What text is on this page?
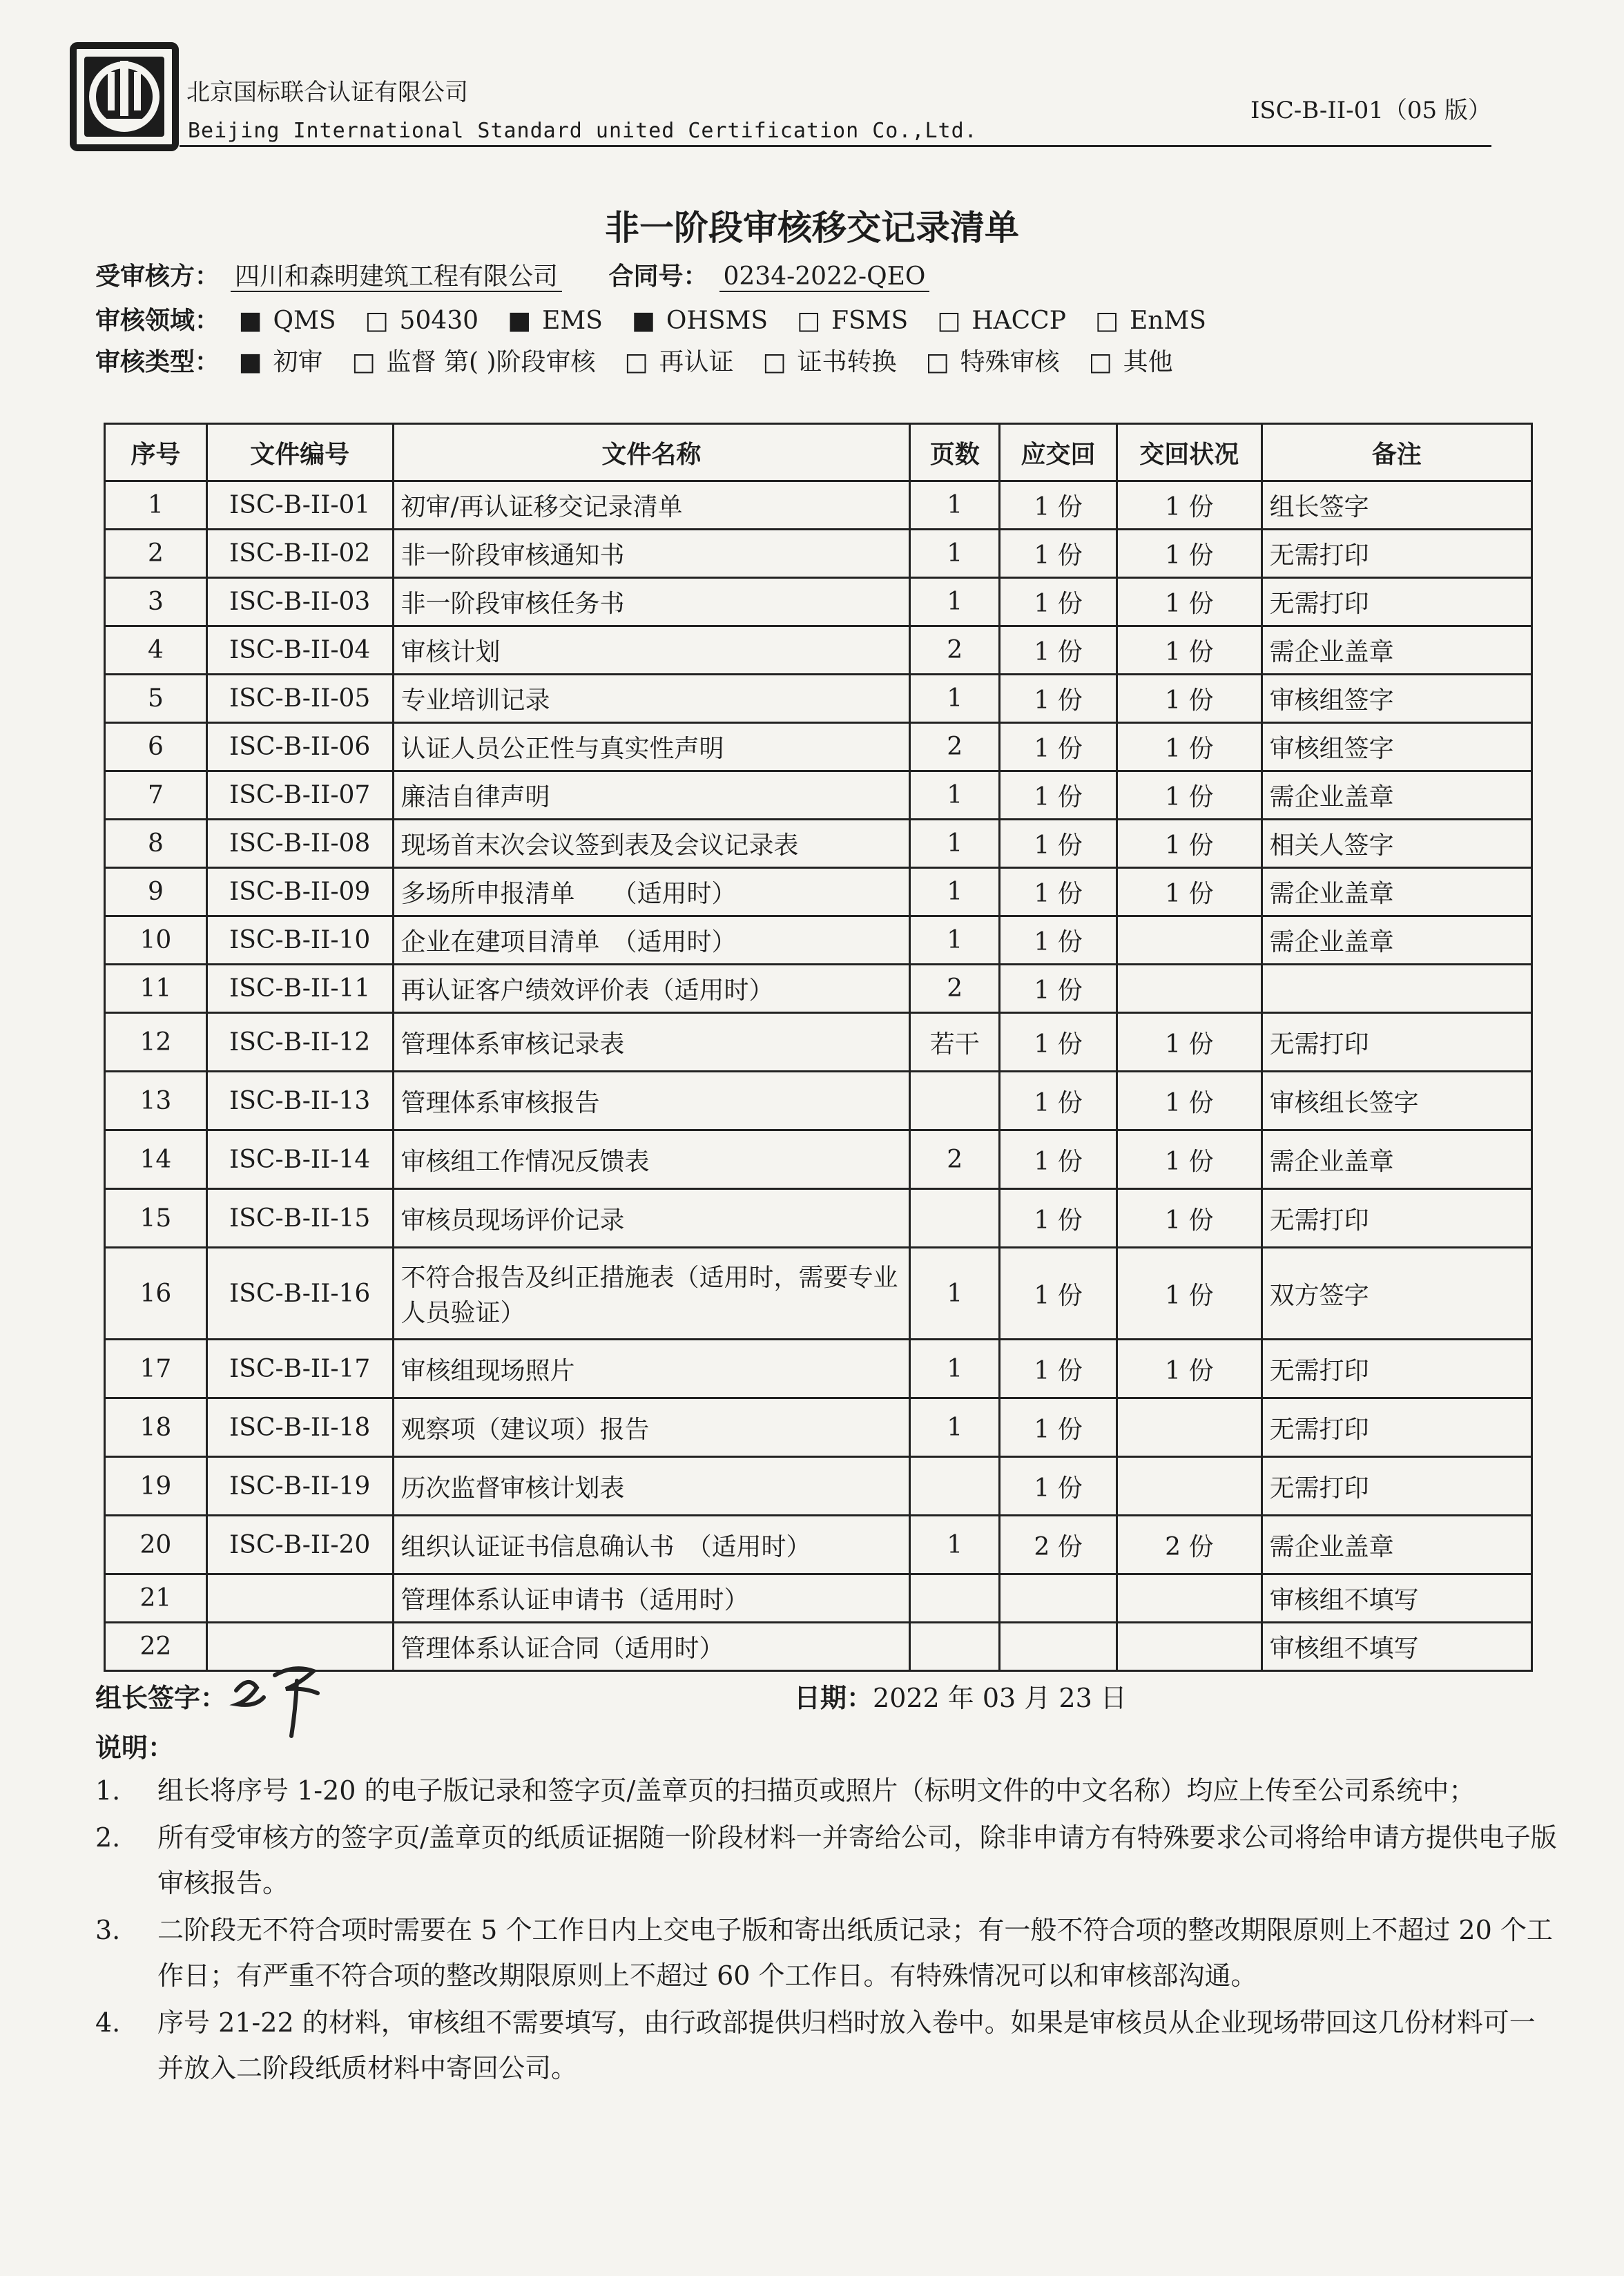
北京国标联合认证有限公司
Beijing International Standard united Certification Co.,Ltd.
ISC-B-II-01（05 版）
非一阶段审核移交记录清单
受审核方： 四川和森明建筑工程有限公司 合同号： 0234-2022-QEO
审核领域： ■ QMS □ 50430 ■ EMS ■ OHSMS □ FSMS □ HACCP □ EnMS
审核类型： ■ 初审 □ 监督 第( )阶段审核 □ 再认证 □ 证书转换 □ 特殊审核 □ 其他
序号	文件编号	文件名称	页数	应交回	交回状况	备注
1	ISC-B-II-01	初审/再认证移交记录清单	1	1 份	1 份	组长签字
2	ISC-B-II-02	非一阶段审核通知书	1	1 份	1 份	无需打印
3	ISC-B-II-03	非一阶段审核任务书	1	1 份	1 份	无需打印
4	ISC-B-II-04	审核计划	2	1 份	1 份	需企业盖章
5	ISC-B-II-05	专业培训记录	1	1 份	1 份	审核组签字
6	ISC-B-II-06	认证人员公正性与真实性声明	2	1 份	1 份	审核组签字
7	ISC-B-II-07	廉洁自律声明	1	1 份	1 份	需企业盖章
8	ISC-B-II-08	现场首末次会议签到表及会议记录表	1	1 份	1 份	相关人签字
9	ISC-B-II-09	多场所申报清单　　（适用时）	1	1 份	1 份	需企业盖章
10	ISC-B-II-10	企业在建项目清单　（适用时）	1	1 份		需企业盖章
11	ISC-B-II-11	再认证客户绩效评价表（适用时）	2	1 份		
12	ISC-B-II-12	管理体系审核记录表	若干	1 份	1 份	无需打印
13	ISC-B-II-13	管理体系审核报告		1 份	1 份	审核组长签字
14	ISC-B-II-14	审核组工作情况反馈表	2	1 份	1 份	需企业盖章
15	ISC-B-II-15	审核员现场评价记录		1 份	1 份	无需打印
16	ISC-B-II-16	不符合报告及纠正措施表（适用时，需要专业人员验证）	1	1 份	1 份	双方签字
17	ISC-B-II-17	审核组现场照片	1	1 份	1 份	无需打印
18	ISC-B-II-18	观察项（建议项）报告	1	1 份		无需打印
19	ISC-B-II-19	历次监督审核计划表		1 份		无需打印
20	ISC-B-II-20	组织认证证书信息确认书　（适用时）	1	2 份	2 份	需企业盖章
21		管理体系认证申请书（适用时）				审核组不填写
22		管理体系认证合同（适用时）				审核组不填写
组长签字：	日期：2022 年 03 月 23 日
说明：
1.	组长将序号 1-20 的电子版记录和签字页/盖章页的扫描页或照片（标明文件的中文名称）均应上传至公司系统中；
2.	所有受审核方的签字页/盖章页的纸质证据随一阶段材料一并寄给公司，除非申请方有特殊要求公司将给申请方提供电子版审核报告。
3.	二阶段无不符合项时需要在 5 个工作日内上交电子版和寄出纸质记录；有一般不符合项的整改期限原则上不超过 20 个工作日；有严重不符合项的整改期限原则上不超过 60 个工作日。有特殊情况可以和审核部沟通。
4.	序号 21-22 的材料，审核组不需要填写，由行政部提供归档时放入卷中。如果是审核员从企业现场带回这几份材料可一并放入二阶段纸质材料中寄回公司。
